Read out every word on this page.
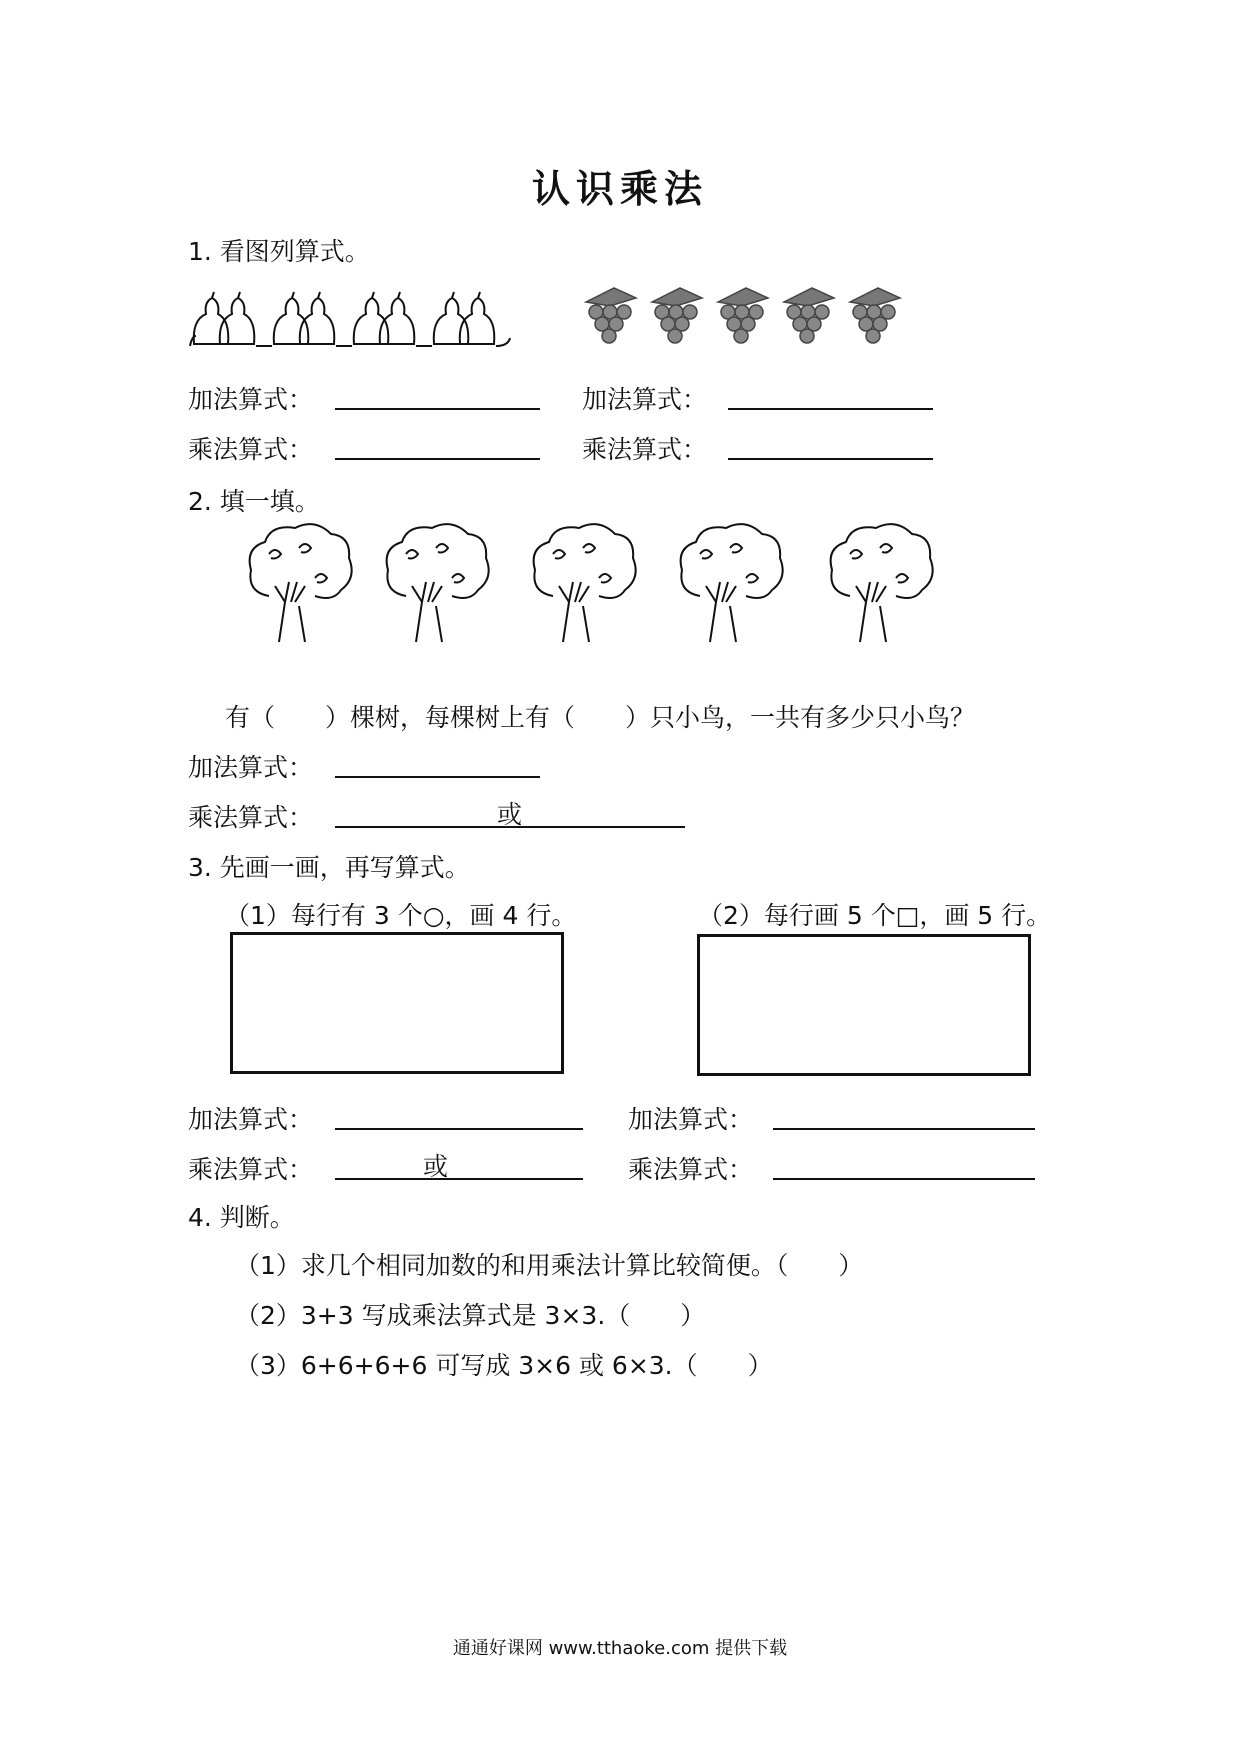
认识乘法
1. 看图列算式。
加法算式：	加法算式：
乘法算式：	乘法算式：
2. 填一填。
有（　　）棵树，每棵树上有（　　）只小鸟，一共有多少只小鸟？
加法算式：
乘法算式：	或
3. 先画一画，再写算式。
（1）每行有 3 个○，画 4 行。	（2）每行画 5 个□，画 5 行。
加法算式：	加法算式：
乘法算式：	或	乘法算式：
4. 判断。
（1）求几个相同加数的和用乘法计算比较简便。（　　）
（2）3+3 写成乘法算式是 3×3.（　　）
（3）6+6+6+6 可写成 3×6 或 6×3.（　　）
通通好课网 www.tthaoke.com 提供下载
